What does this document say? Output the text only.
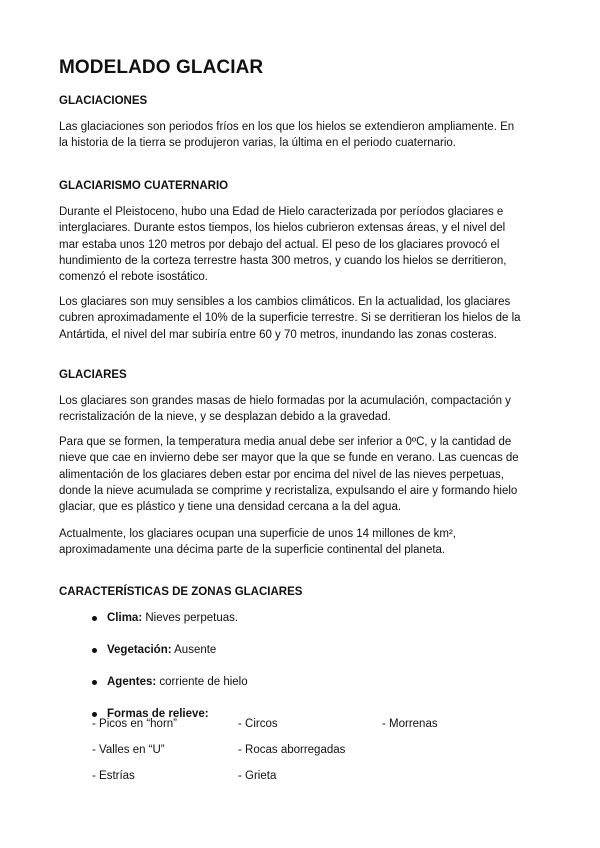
MODELADO GLACIAR
GLACIACIONES

Las glaciaciones son periodos fríos en los que los hielos se extendieron ampliamente. En
la historia de la tierra se produjeron varias, la última en el periodo cuaternario.

GLACIARISMO CUATERNARIO

Durante el Pleistoceno, hubo una Edad de Hielo caracterizada por períodos glaciares e
interglaciares. Durante estos tiempos, los hielos cubrieron extensas áreas, y el nivel del
mar estaba unos 120 metros por debajo del actual. El peso de los glaciares provocó el
hundimiento de la corteza terrestre hasta 300 metros, y cuando los hielos se derritieron,
comenzó el rebote isostático.

Los glaciares son muy sensibles a los cambios climáticos. En la actualidad, los glaciares
cubren aproximadamente el 10% de la superficie terrestre. Si se derritieran los hielos de la
Antártida, el nivel del mar subiría entre 60 y 70 metros, inundando las zonas costeras.

GLACIARES

Los glaciares son grandes masas de hielo formadas por la acumulación, compactación y
recristalización de la nieve, y se desplazan debido a la gravedad.

Para que se formen, la temperatura media anual debe ser inferior a 0ºC, y la cantidad de
nieve que cae en invierno debe ser mayor que la que se funde en verano. Las cuencas de
alimentación de los glaciares deben estar por encima del nivel de las nieves perpetuas,
donde la nieve acumulada se comprime y recristaliza, expulsando el aire y formando hielo
glaciar, que es plástico y tiene una densidad cercana a la del agua.

Actualmente, los glaciares ocupan una superficie de unos 14 millones de km²,
aproximadamente una décima parte de la superficie continental del planeta.

CARACTERÍSTICAS DE ZONAS GLACIARES
Clima: Nieves perpetuas.
Vegetación: Ausente
Agentes: corriente de hielo
Formas de relieve:
- Picos en “horn”	- Circos	- Morrenas
- Valles en “U”	- Rocas aborregadas
- Estrías	- Grieta
